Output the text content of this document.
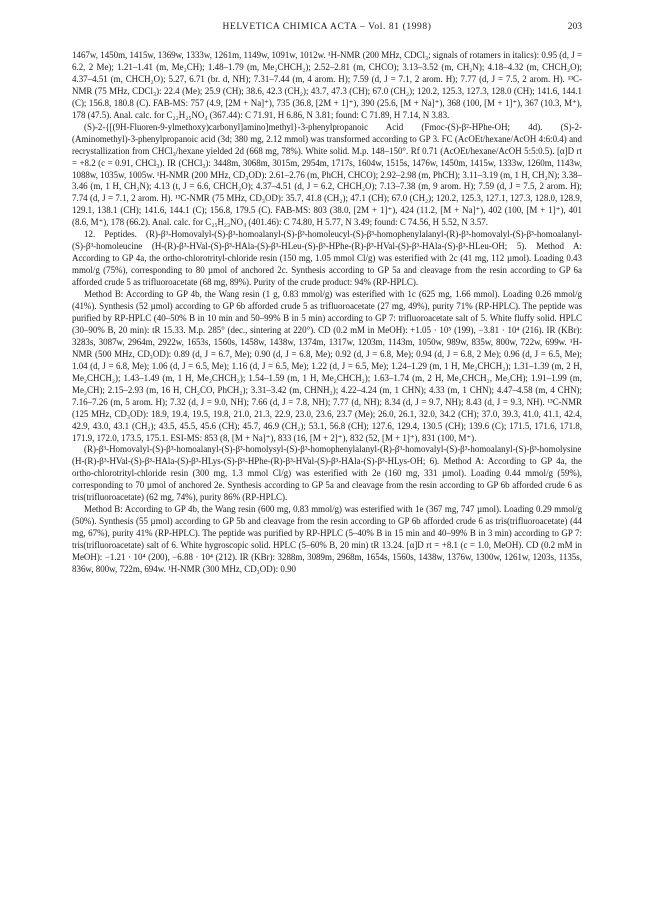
HELVETICA CHIMICA ACTA – Vol. 81 (1998)	203

1467w, 1450m, 1415w, 1369w, 1333w, 1261m, 1149w, 1091w, 1012w. ¹H-NMR (200 MHz, CDCl₃; signals of rotamers in italics): 0.95 (d, J = 6.2, 2 Me); 1.21–1.41 (m, Me₂CH); 1.48–1.79 (m, Me₂CHCH₂); 2.52–2.81 (m, CHCO); 3.13–3.52 (m, CH₂N); 4.18–4.32 (m, CHCH₂O); 4.37–4.51 (m, CHCH₂O); 5.27, 6.71 (br. d, NH); 7.31–7.44 (m, 4 arom. H); 7.59 (d, J = 7.1, 2 arom. H); 7.77 (d, J = 7.5, 2 arom. H). ¹³C-NMR (75 MHz, CDCl₃): 22.4 (Me); 25.9 (CH); 38.6, 42.3 (CH₂); 43.7, 47.3 (CH); 67.0 (CH₂); 120.2, 125.3, 127.3, 128.0 (CH); 141.6, 144.1 (C); 156.8, 180.8 (C). FAB-MS: 757 (4.9, [2M + Na]⁺), 735 (36.8, [2M + 1]⁺), 390 (25.6, [M + Na]⁺), 368 (100, [M + 1]⁺), 367 (10.3, M⁺), 178 (47.5). Anal. calc. for C₂₂H₂₅NO₄ (367.44): C 71.91, H 6.86, N 3.81; found: C 71.89, H 7.14, N 3.83.

(S)-2-{[(9H-Fluoren-9-ylmethoxy)carbonyl]amino]methyl}-3-phenylpropanoic Acid (Fmoc-(S)-β²-HPhe-OH; 4d). (S)-2-(Aminomethyl)-3-phenylpropanoic acid (3d; 380 mg, 2.12 mmol) was transformed according to GP 3. FC (AcOEt/hexane/AcOH 4:6:0.4) and recrystallization from CHCl₃/hexane yielded 2d (668 mg, 78%). White solid. M.p. 148–150°. Rf 0.71 (AcOEt/hexane/AcOH 5:5:0.5). [α]D rt = +8.2 (c = 0.91, CHCl₃). IR (CHCl₃): 3448m, 3068m, 3015m, 2954m, 1717s, 1604w, 1515s, 1476w, 1450m, 1415w, 1333w, 1260m, 1143w, 1088w, 1035w, 1005w. ¹H-NMR (200 MHz, CD₃OD): 2.61–2.76 (m, PhCH, CHCO); 2.92–2.98 (m, PhCH); 3.11–3.19 (m, 1 H, CH₂N); 3.38–3.46 (m, 1 H, CH₂N); 4.13 (t, J = 6.6, CHCH₂O); 4.37–4.51 (d, J = 6.2, CHCH₂O); 7.13–7.38 (m, 9 arom. H); 7.59 (d, J = 7.5, 2 arom. H); 7.74 (d, J = 7.1, 2 arom. H). ¹³C-NMR (75 MHz, CD₃OD): 35.7, 41.8 (CH₂); 47.1 (CH); 67.0 (CH₂); 120.2, 125.3, 127.1, 127.3, 128.0, 128.9, 129.1, 138.1 (CH); 141.6, 144.1 (C); 156.8, 179.5 (C). FAB-MS: 803 (38.0, [2M + 1]⁺), 424 (11.2, [M + Na]⁺), 402 (100, [M + 1]⁺), 401 (8.6, M⁺), 178 (66.2). Anal. calc. for C₂₅H₂₃NO₄ (401.46): C 74.80, H 5.77, N 3.49; found: C 74.56, H 5.52, N 3.57.

12. Peptides. (R)-β³-Homovalyl-(S)-β³-homoalanyl-(S)-β³-homoleucyl-(S)-β³-homophenylalanyl-(R)-β³-homovalyl-(S)-β³-homoalanyl-(S)-β³-homoleucine (H-(R)-β³-HVal-(S)-β³-HAla-(S)-β³-HLeu-(S)-β³-HPhe-(R)-β³-HVal-(S)-β³-HAla-(S)-β³-HLeu-OH; 5). Method A: According to GP 4a, the ortho-chlorotrityl-chloride resin (150 mg, 1.05 mmol Cl/g) was esterified with 2c (41 mg, 112 µmol). Loading 0.43 mmol/g (75%), corresponding to 80 µmol of anchored 2c. Synthesis according to GP 5a and cleavage from the resin according to GP 6a afforded crude 5 as trifluoroacetate (68 mg, 89%). Purity of the crude product: 94% (RP-HPLC).

Method B: According to GP 4b, the Wang resin (1 g, 0.83 mmol/g) was esterified with 1c (625 mg, 1.66 mmol). Loading 0.26 mmol/g (41%). Synthesis (52 µmol) according to GP 6b afforded crude 5 as trifluoroacetate (27 mg, 49%), purity 71% (RP-HPLC). The peptide was purified by RP-HPLC (40–50% B in 10 min and 50–99% B in 5 min) according to GP 7: trifluoroacetate salt of 5. White fluffy solid. HPLC (30–90% B, 20 min): tR 15.33. M.p. 285° (dec., sintering at 220°). CD (0.2 mM in MeOH): +1.05 · 10⁵ (199), −3.81 · 10⁴ (216). IR (KBr): 3283s, 3087w, 2964m, 2922w, 1653s, 1560s, 1458w, 1438w, 1374m, 1317w, 1203m, 1143m, 1050w, 989w, 835w, 800w, 722w, 699w. ¹H-NMR (500 MHz, CD₃OD): 0.89 (d, J = 6.7, Me); 0.90 (d, J = 6.8, Me); 0.92 (d, J = 6.8, Me); 0.94 (d, J = 6.8, 2 Me); 0.96 (d, J = 6.5, Me); 1.04 (d, J = 6.8, Me); 1.06 (d, J = 6.5, Me); 1.16 (d, J = 6.5, Me); 1.22 (d, J = 6.5, Me); 1.24–1.29 (m, 1 H, Me₂CHCH₂); 1.31–1.39 (m, 2 H, Me₂CHCH₂); 1.43–1.49 (m, 1 H, Me₂CHCH₂); 1.54–1.59 (m, 1 H, Me₂CHCH₂); 1.63–1.74 (m, 2 H, Me₂CHCH₂, Me₂CH); 1.91–1.99 (m, Me₂CH); 2.15–2.93 (m, 16 H, CH₂CO, PhCH₂); 3.31–3.42 (m, CHNH₂); 4.22–4.24 (m, 1 CHN); 4.33 (m, 1 CHN); 4.47–4.58 (m, 4 CHN); 7.16–7.26 (m, 5 arom. H); 7.32 (d, J = 9.0, NH); 7.66 (d, J = 7.8, NH); 7.77 (d, NH); 8.34 (d, J = 9.7, NH); 8.43 (d, J = 9.3, NH). ¹³C-NMR (125 MHz, CD₃OD): 18.9, 19.4, 19.5, 19.8, 21.0, 21.3, 22.9, 23.0, 23.6, 23.7 (Me); 26.0, 26.1, 32.0, 34.2 (CH); 37.0, 39.3, 41.0, 41.1, 42.4, 42.9, 43.0, 43.1 (CH₂); 43.5, 45.5, 45.6 (CH); 45.7, 46.9 (CH₂); 53.1, 56.8 (CH); 127.6, 129.4, 130.5 (CH); 139.6 (C); 171.5, 171.6, 171.8, 171.9, 172.0, 173.5, 175.1. ESI-MS: 853 (8, [M + Na]⁺), 833 (16, [M + 2]⁺), 832 (52, [M + 1]⁺), 831 (100, M⁺).

(R)-β³-Homovalyl-(S)-β³-homoalanyl-(S)-β³-homolysyl-(S)-β³-homophenylalanyl-(R)-β³-homovalyl-(S)-β³-homoalanyl-(S)-β³-homolysine (H-(R)-β³-HVal-(S)-β³-HAla-(S)-β³-HLys-(S)-β³-HPhe-(R)-β³-HVal-(S)-β³-HAla-(S)-β³-HLys-OH; 6). Method A: According to GP 4a, the ortho-chlorotrityl-chloride resin (300 mg, 1.3 mmol Cl/g) was esterified with 2e (160 mg, 331 µmol). Loading 0.44 mmol/g (59%), corresponding to 70 µmol of anchored 2e. Synthesis according to GP 5a and cleavage from the resin according to GP 6b afforded crude 6 as tris(trifluoroacetate) (62 mg, 74%), purity 86% (RP-HPLC).

Method B: According to GP 4b, the Wang resin (600 mg, 0.83 mmol/g) was esterified with 1e (367 mg, 747 µmol). Loading 0.29 mmol/g (50%). Synthesis (55 µmol) according to GP 5b and cleavage from the resin according to GP 6b afforded crude 6 as tris(trifluoroacetate) (44 mg, 67%), purity 41% (RP-HPLC). The peptide was purified by RP-HPLC (5–40% B in 15 min and 40–99% B in 3 min) according to GP 7: tris(trifluoroacetate) salt of 6. White hygroscopic solid. HPLC (5–60% B, 20 min) tR 13.24. [α]D rt = +8.1 (c = 1.0, MeOH). CD (0.2 mM in MeOH): −1.21 · 10⁴ (200), −6.88 · 10⁴ (212). IR (KBr): 3288m, 3089m, 2968m, 1654s, 1560s, 1438w, 1376w, 1300w, 1261w, 1203s, 1135s, 836w, 800w, 722m, 694w. ¹H-NMR (300 MHz, CD₃OD): 0.90
